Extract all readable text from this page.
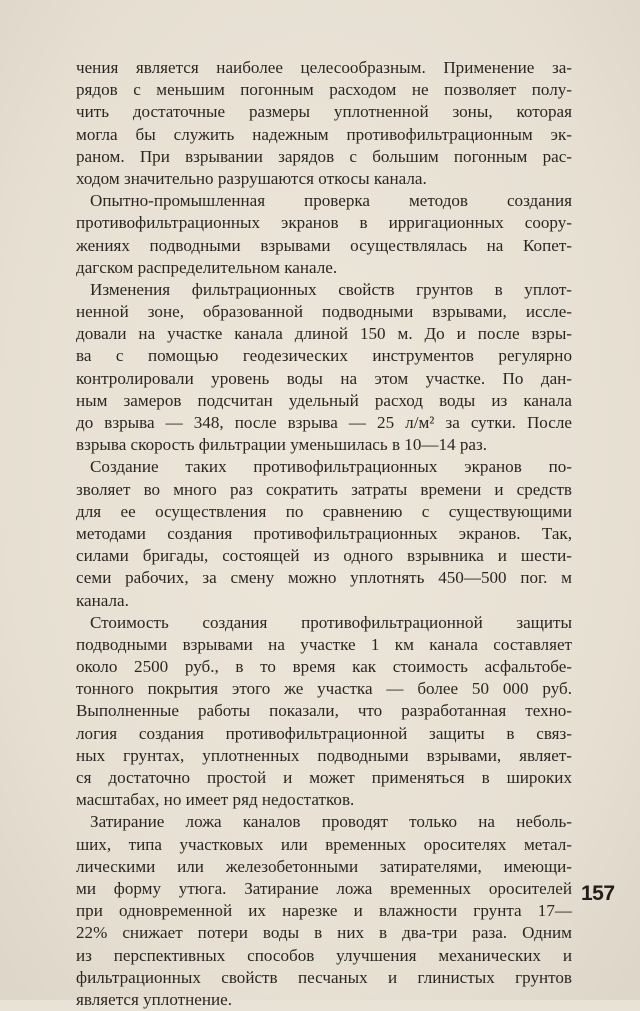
чения является наиболее целесообразным. Применение за-
рядов с меньшим погонным расходом не позволяет полу-
чить достаточные размеры уплотненной зоны, которая
могла бы служить надежным противофильтрационным эк-
раном. При взрывании зарядов с большим погонным рас-
ходом значительно разрушаются откосы канала.
Опытно-промышленная проверка методов создания
противофильтрационных экранов в ирригационных соору-
жениях подводными взрывами осуществлялась на Копет-
дагском распределительном канале.
Изменения фильтрационных свойств грунтов в уплот-
ненной зоне, образованной подводными взрывами, иссле-
довали на участке канала длиной 150 м. До и после взры-
ва с помощью геодезических инструментов регулярно
контролировали уровень воды на этом участке. По дан-
ным замеров подсчитан удельный расход воды из канала
до взрыва — 348, после взрыва — 25 л/м² за сутки. После
взрыва скорость фильтрации уменьшилась в 10—14 раз.
Создание таких противофильтрационных экранов по-
зволяет во много раз сократить затраты времени и средств
для ее осуществления по сравнению с существующими
методами создания противофильтрационных экранов. Так,
силами бригады, состоящей из одного взрывника и шести-
семи рабочих, за смену можно уплотнять 450—500 пог. м
канала.
Стоимость создания противофильтрационной защиты
подводными взрывами на участке 1 км канала составляет
около 2500 руб., в то время как стоимость асфальтобе-
тонного покрытия этого же участка — более 50 000 руб.
Выполненные работы показали, что разработанная техно-
логия создания противофильтрационной защиты в связ-
ных грунтах, уплотненных подводными взрывами, являет-
ся достаточно простой и может применяться в широких
масштабах, но имеет ряд недостатков.
Затирание ложа каналов проводят только на неболь-
ших, типа участковых или временных оросителях метал-
лическими или железобетонными затирателями, имеющи-
ми форму утюга. Затирание ложа временных оросителей
при одновременной их нарезке и влажности грунта 17—
22% снижает потери воды в них в два-три раза. Одним
из перспективных способов улучшения механических и
фильтрационных свойств песчаных и глинистых грунтов
является уплотнение.
157
